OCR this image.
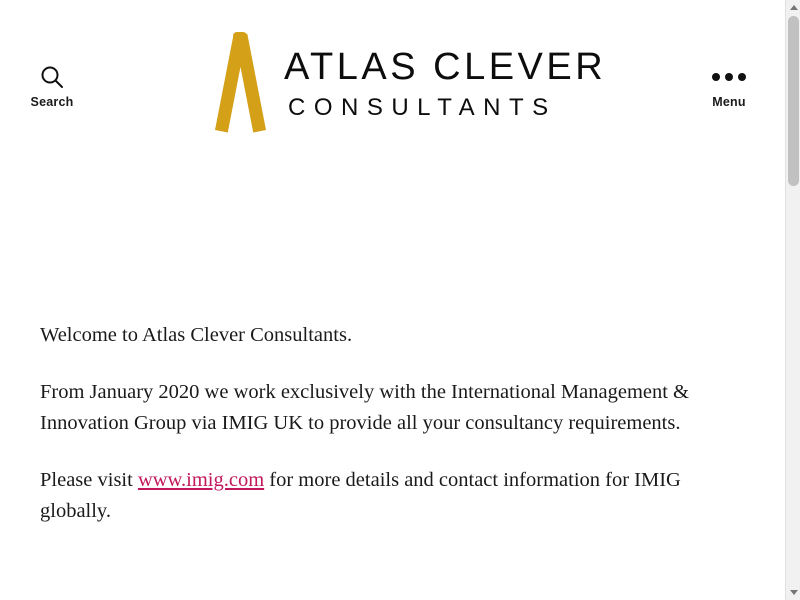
Search
ATLAS CLEVER
CONSULTANTS	Menu

Welcome to Atlas Clever Consultants.

From January 2020 we work exclusively with the International Management & Innovation Group via IMIG UK to provide all your consultancy requirements.

Please visit www.imig.com for more details and contact information for IMIG globally.
